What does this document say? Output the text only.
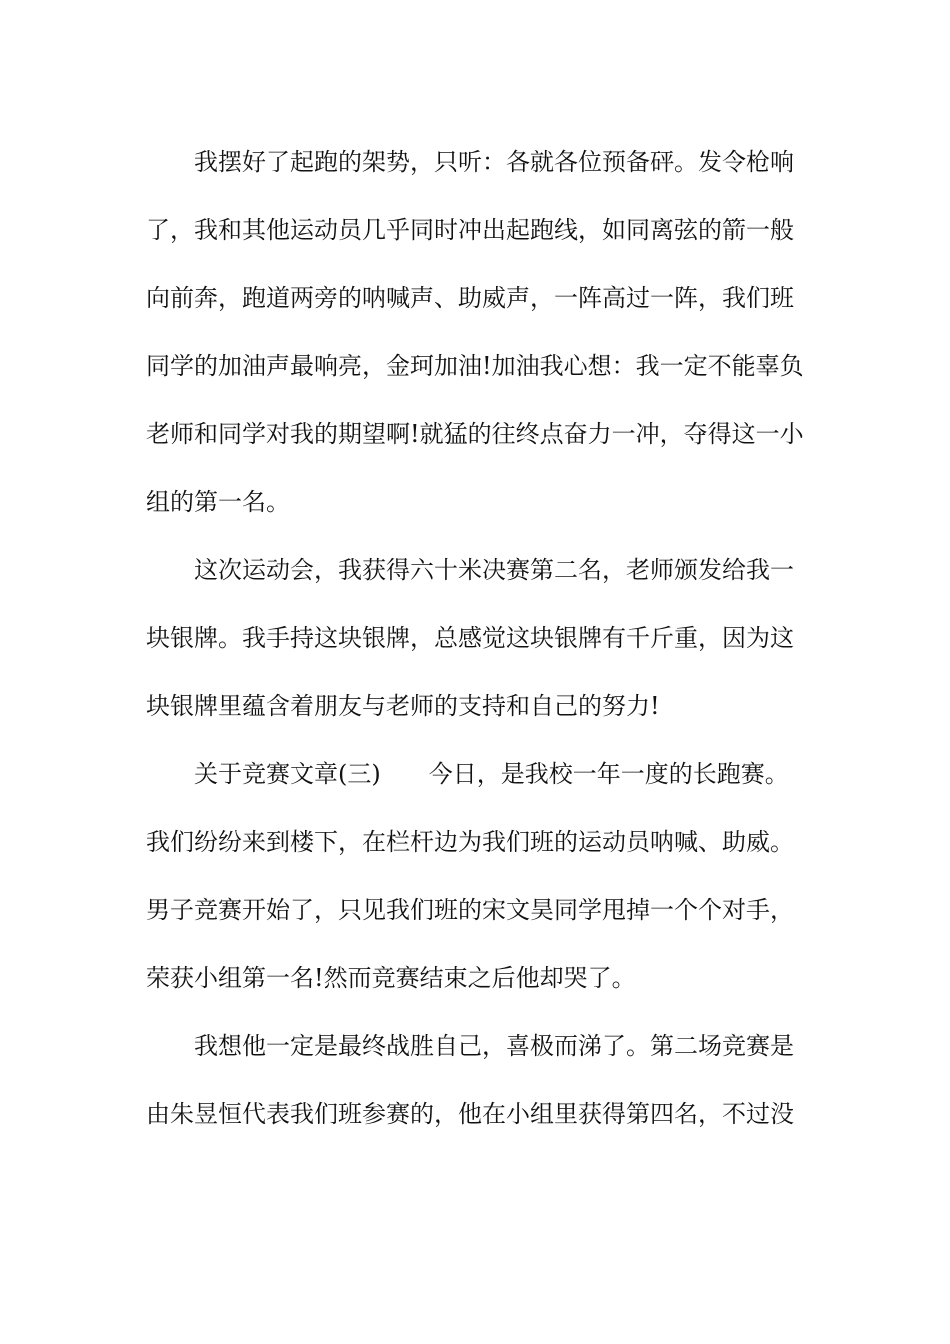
我摆好了起跑的架势，只听：各就各位预备砰。发令枪响
了，我和其他运动员几乎同时冲出起跑线，如同离弦的箭一般
向前奔，跑道两旁的呐喊声、助威声，一阵高过一阵，我们班
同学的加油声最响亮，金珂加油!加油我心想：我一定不能辜负
老师和同学对我的期望啊!就猛的往终点奋力一冲，夺得这一小
组的第一名。
这次运动会，我获得六十米决赛第二名，老师颁发给我一
块银牌。我手持这块银牌，总感觉这块银牌有千斤重，因为这
块银牌里蕴含着朋友与老师的支持和自己的努力!
关于竞赛文章(三) 今日，是我校一年一度的长跑赛。
我们纷纷来到楼下，在栏杆边为我们班的运动员呐喊、助威。
男子竞赛开始了，只见我们班的宋文昊同学甩掉一个个对手，
荣获小组第一名!然而竞赛结束之后他却哭了。
我想他一定是最终战胜自己，喜极而涕了。第二场竞赛是
由朱昱恒代表我们班参赛的，他在小组里获得第四名，不过没
